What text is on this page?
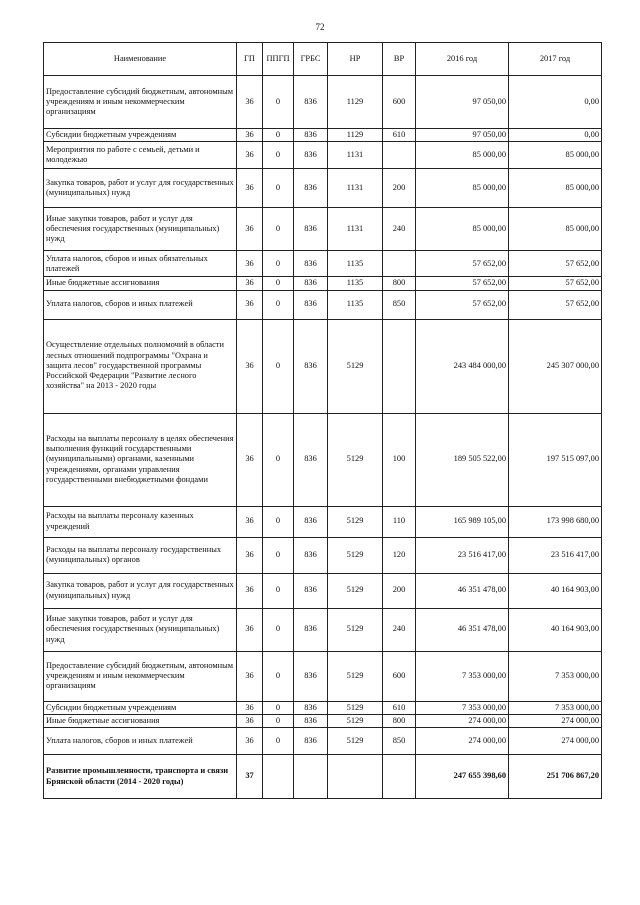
72
Наименование	ГП	ППГП	ГРБС	НР	ВР	2016 год	2017 год
Предоставление субсидий бюджетным, автономным учреждениям и иным некоммерческим организациям	36	0	836	1129	600	97 050,00	0,00
Субсидии бюджетным учреждениям	36	0	836	1129	610	97 050,00	0,00
Мероприятия по работе с семьей, детьми и молодежью	36	0	836	1131		85 000,00	85 000,00
Закупка товаров, работ и услуг для государственных (муниципальных) нужд	36	0	836	1131	200	85 000,00	85 000,00
Иные закупки товаров, работ и услуг для обеспечения государственных (муниципальных) нужд	36	0	836	1131	240	85 000,00	85 000,00
Уплата налогов, сборов и иных обязательных платежей	36	0	836	1135		57 652,00	57 652,00
Иные бюджетные ассигнования	36	0	836	1135	800	57 652,00	57 652,00
Уплата налогов, сборов и иных платежей	36	0	836	1135	850	57 652,00	57 652,00
Осуществление отдельных полномочий в области лесных отношений подпрограммы "Охрана и защита лесов" государственной программы Российской Федерации "Развитие лесного хозяйства" на 2013 - 2020 годы	36	0	836	5129		243 484 000,00	245 307 000,00
Расходы на выплаты персоналу в целях обеспечения выполнения функций государственными (муниципальными) органами, казенными учреждениями, органами управления государственными внебюджетными фондами	36	0	836	5129	100	189 505 522,00	197 515 097,00
Расходы на выплаты персоналу казенных учреждений	36	0	836	5129	110	165 989 105,00	173 998 680,00
Расходы на выплаты персоналу государственных (муниципальных) органов	36	0	836	5129	120	23 516 417,00	23 516 417,00
Закупка товаров, работ и услуг для государственных (муниципальных) нужд	36	0	836	5129	200	46 351 478,00	40 164 903,00
Иные закупки товаров, работ и услуг для обеспечения государственных (муниципальных) нужд	36	0	836	5129	240	46 351 478,00	40 164 903,00
Предоставление субсидий бюджетным, автономным учреждениям и иным некоммерческим организациям	36	0	836	5129	600	7 353 000,00	7 353 000,00
Субсидии бюджетным учреждениям	36	0	836	5129	610	7 353 000,00	7 353 000,00
Иные бюджетные ассигнования	36	0	836	5129	800	274 000,00	274 000,00
Уплата налогов, сборов и иных платежей	36	0	836	5129	850	274 000,00	274 000,00
Развитие промышленности, транспорта и связи Брянской области (2014 - 2020 годы)	37					247 655 398,60	251 706 867,20
